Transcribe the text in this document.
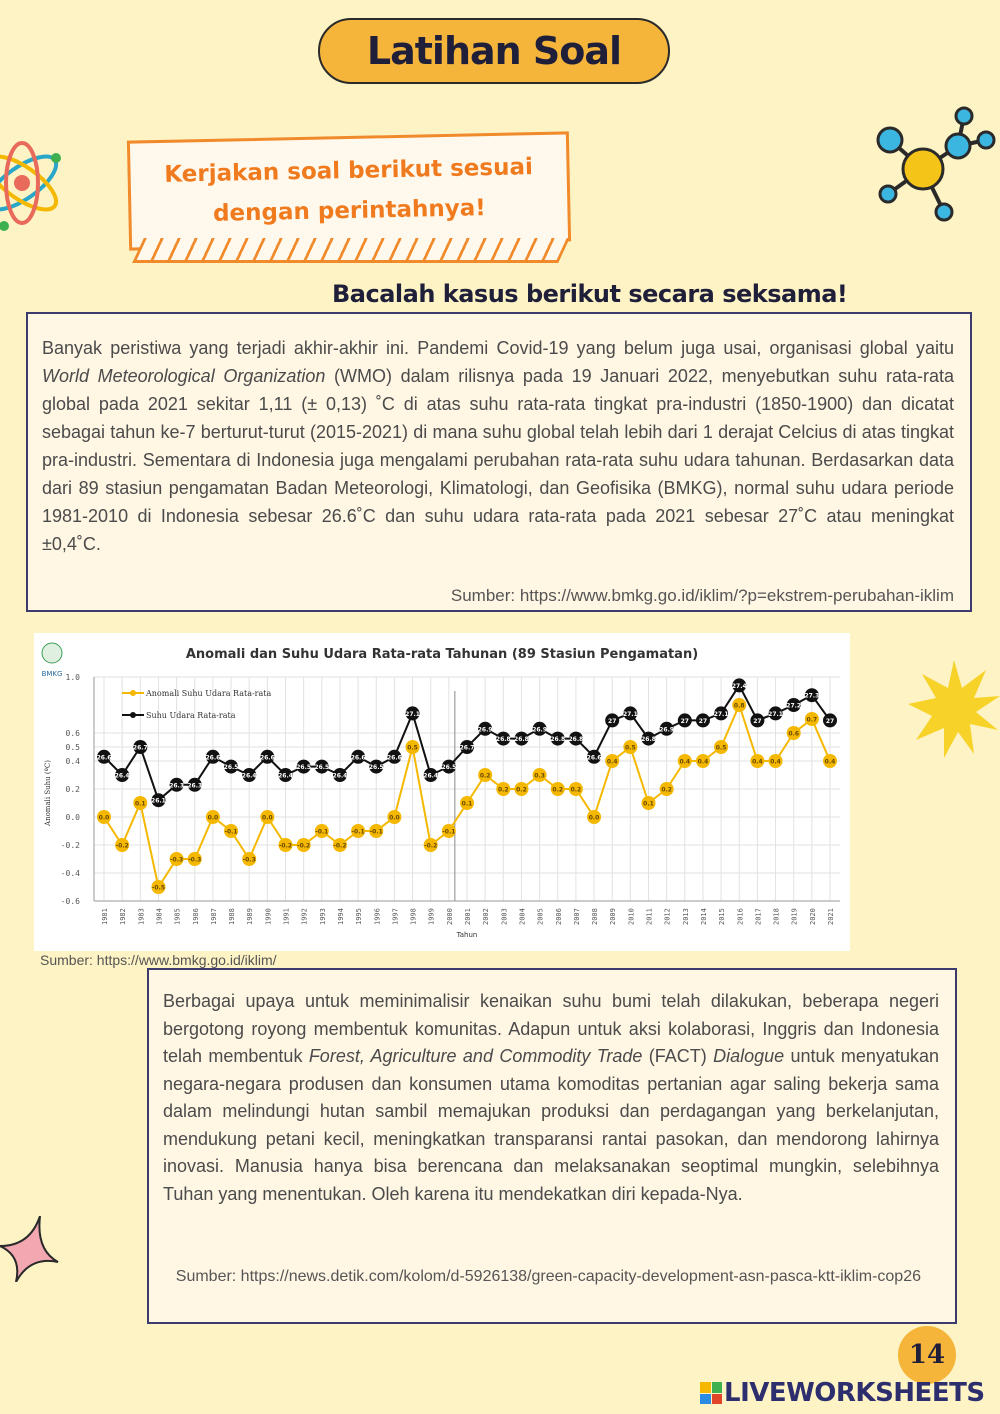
Latihan Soal
Kerjakan soal berikut sesuai
dengan perintahnya!
Bacalah kasus berikut secara seksama!
Banyak peristiwa yang terjadi akhir-akhir ini. Pandemi Covid-19 yang belum juga usai, organisasi global yaitu World Meteorological Organization (WMO) dalam rilisnya pada 19 Januari 2022, menyebutkan suhu rata-rata global pada 2021 sekitar 1,11 (± 0,13) ˚C di atas suhu rata-rata tingkat pra-industri (1850-1900) dan dicatat sebagai tahun ke-7 berturut-turut (2015-2021) di mana suhu global telah lebih dari 1 derajat Celcius di atas tingkat pra-industri. Sementara di Indonesia juga mengalami perubahan rata-rata suhu udara tahunan. Berdasarkan data dari 89 stasiun pengamatan Badan Meteorologi, Klimatologi, dan Geofisika (BMKG), normal suhu udara periode 1981-2010 di Indonesia sebesar 26.6˚C dan suhu udara rata-rata pada 2021 sebesar 27˚C atau meningkat ±0,4˚C.
Sumber: https://www.bmkg.go.id/iklim/?p=ekstrem-perubahan-iklim
Anomali dan Suhu Udara Rata-rata Tahunan (89 Stasiun Pengamatan)
BMKG
-0.6
-0.4
-0.2
0.0
0.2
0.4
0.5
0.6
1.0
1981 1982 1983 1984 1985 1986 1987 1988 1989 1990 1991 1992 1993 1994 1995 1996 1997 1998 1999 2000 2001 2002 2003 2004 2005 2006 2007 2008 2009 2010 2011 2012 2013 2014 2015 2016 2017 2018 2019 2020 2021
Tahun
Anomali Suhu (ºC)	0.0
-0.2
0.1
-0.5
-0.3 -0.3
0.0
-0.1
-0.3
0.0
-0.2 -0.2
-0.1
-0.2
-0.1 -0.1
0.0
0.5
-0.2
-0.1
0.1
0.2
0.2 0.2
0.3
0.2 0.2
0.0
0.4
0.5
0.1
0.2
0.4 0.4
0.5
0.8
0.4 0.4
0.6
0.7
0.4
26.6
26.4
26.7
26.1
26.3 26.3
26.6
26.5
26.4
26.6
26.4
26.5 26.5
26.4
26.6
26.5
26.6
27.1
26.4
26.5
26.7
26.9
26.8 26.8
26.9
26.8 26.8
26.6
27
27.1
26.8
26.9
27 27
27.1
27.4
27
27.1
27.2
27.3
27
Anomali Suhu Udara Rata-rata
Suhu Udara Rata-rata
Sumber: https://www.bmkg.go.id/iklim/
Berbagai upaya untuk meminimalisir kenaikan suhu bumi telah dilakukan, beberapa negeri bergotong royong membentuk komunitas. Adapun untuk aksi kolaborasi, Inggris dan Indonesia telah membentuk Forest, Agriculture and Commodity Trade (FACT) Dialogue untuk menyatukan negara-negara produsen dan konsumen utama komoditas pertanian agar saling bekerja sama dalam melindungi hutan sambil memajukan produksi dan perdagangan yang berkelanjutan, mendukung petani kecil, meningkatkan transparansi rantai pasokan, dan mendorong lahirnya inovasi. Manusia hanya bisa berencana dan melaksanakan seoptimal mungkin, selebihnya Tuhan yang menentukan. Oleh karena itu mendekatkan diri kepada-Nya.
Sumber: https://news.detik.com/kolom/d-5926138/green-capacity-development-asn-pasca-ktt-iklim-cop26
14
LIVEWORKSHEETS
